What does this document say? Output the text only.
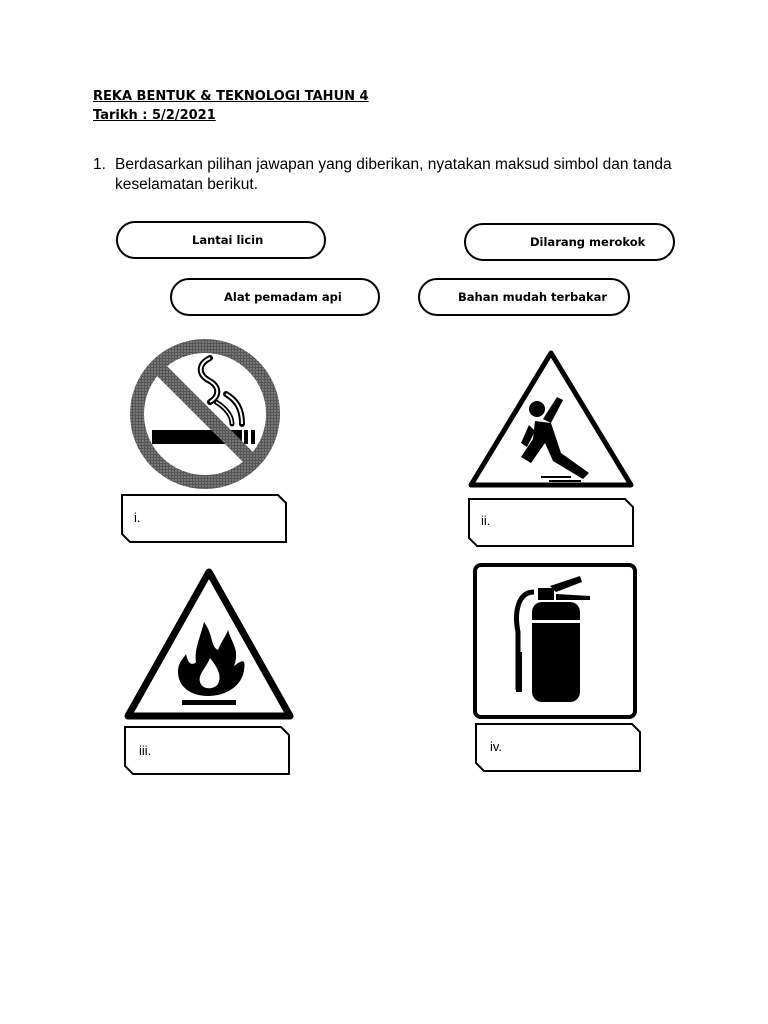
REKA BENTUK & TEKNOLOGI TAHUN 4
Tarikh : 5/2/2021
1. Berdasarkan pilihan jawapan yang diberikan, nyatakan maksud simbol dan tanda keselamatan berikut.
Lantai licin	Dilarang merokok
Alat pemadam api	Bahan mudah terbakar
i.	ii.
iii.	iv.
